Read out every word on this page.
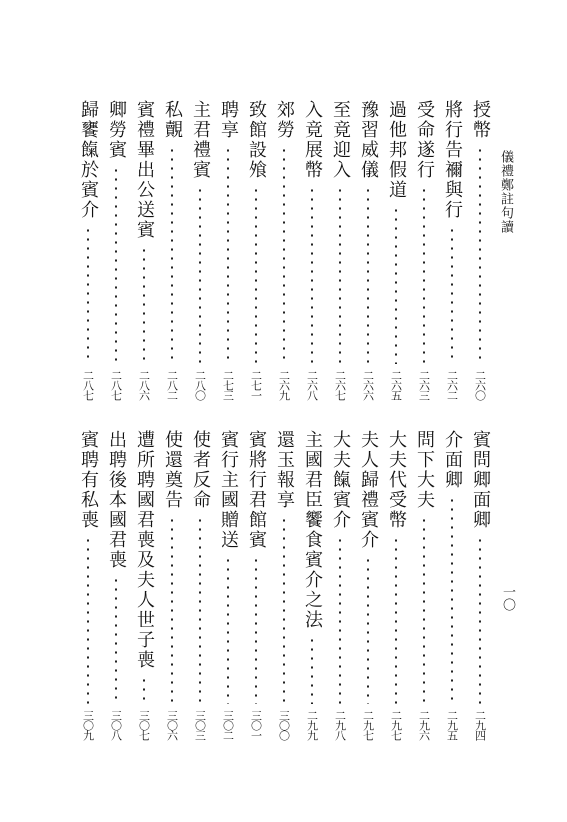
儀禮鄭註句讀
一〇
授幣
二六〇
將行告禰與行
二六二
受命遂行
二六三
過他邦假道
二六五
豫習威儀
二六六
至竟迎入
二六七
入竟展幣
二六八
郊勞
二六九
致館設飧
二七一
聘享
二七三
主君禮賓
二八〇
私覿
二八二
賓禮畢出公送賓
二八六
卿勞賓
二八七
歸饔餼於賓介
二八七
賓問卿面卿
二九四
介面卿
二九五
問下大夫
二九六
大夫代受幣
二九七
夫人歸禮賓介
二九七
大夫餼賓介
二九八
主國君臣饗食賓介之法
二九九
還玉報享
三〇〇
賓將行君館賓
三〇一
賓行主國贈送
三〇二
使者反命
三〇三
使還奠告
三〇六
遭所聘國君喪及夫人世子喪
三〇七
出聘後本國君喪
三〇八
賓聘有私喪
三〇九
